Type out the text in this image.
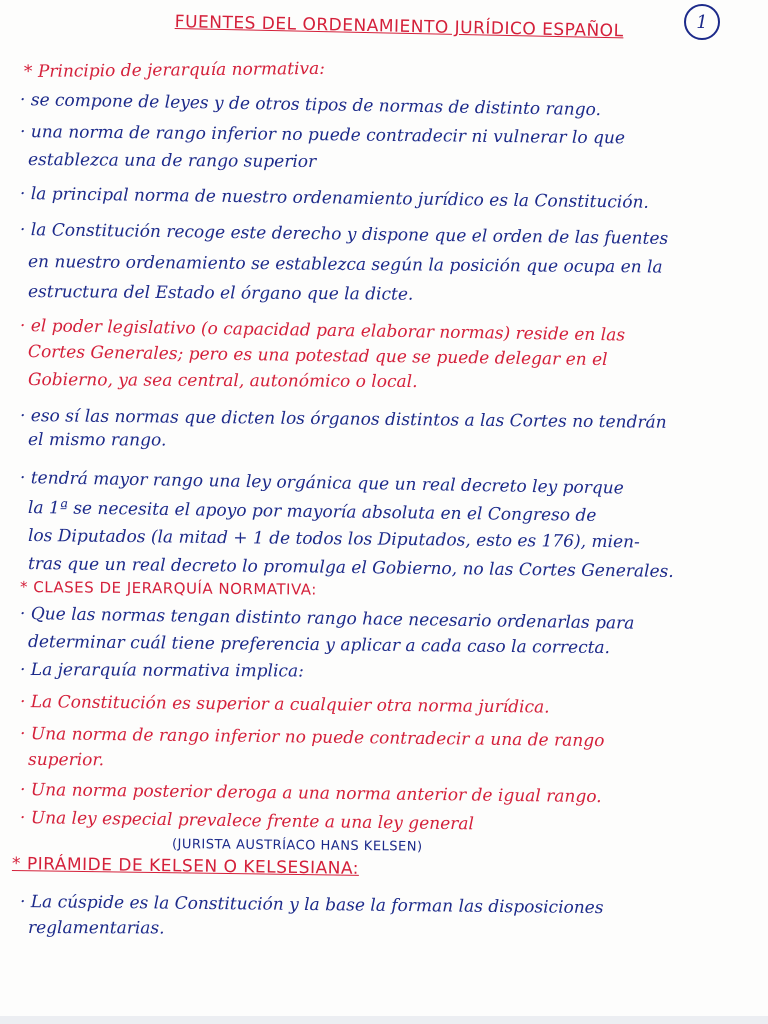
FUENTES DEL ORDENAMIENTO JURÍDICO ESPAÑOL	1
* Principio de jerarquía normativa:
· se compone de leyes y de otros tipos de normas de distinto rango.
· una norma de rango inferior no puede contradecir ni vulnerar lo que
establezca una de rango superior
· la principal norma de nuestro ordenamiento jurídico es la Constitución.
· la Constitución recoge este derecho y dispone que el orden de las fuentes
en nuestro ordenamiento se establezca según la posición que ocupa en la
estructura del Estado el órgano que la dicte.
· el poder legislativo (o capacidad para elaborar normas) reside en las
Cortes Generales; pero es una potestad que se puede delegar en el
Gobierno, ya sea central, autonómico o local.
· eso sí las normas que dicten los órganos distintos a las Cortes no tendrán
el mismo rango.
· tendrá mayor rango una ley orgánica que un real decreto ley porque
la 1ª se necesita el apoyo por mayoría absoluta en el Congreso de
los Diputados (la mitad + 1 de todos los Diputados, esto es 176), mien-
tras que un real decreto lo promulga el Gobierno, no las Cortes Generales.
* CLASES DE JERARQUÍA NORMATIVA:
· Que las normas tengan distinto rango hace necesario ordenarlas para
determinar cuál tiene preferencia y aplicar a cada caso la correcta.
· La jerarquía normativa implica:
· La Constitución es superior a cualquier otra norma jurídica.
· Una norma de rango inferior no puede contradecir a una de rango
superior.
· Una norma posterior deroga a una norma anterior de igual rango.
· Una ley especial prevalece frente a una ley general
(JURISTA AUSTRÍACO HANS KELSEN)
* PIRÁMIDE DE KELSEN O KELSESIANA:
· La cúspide es la Constitución y la base la forman las disposiciones
reglamentarias.
